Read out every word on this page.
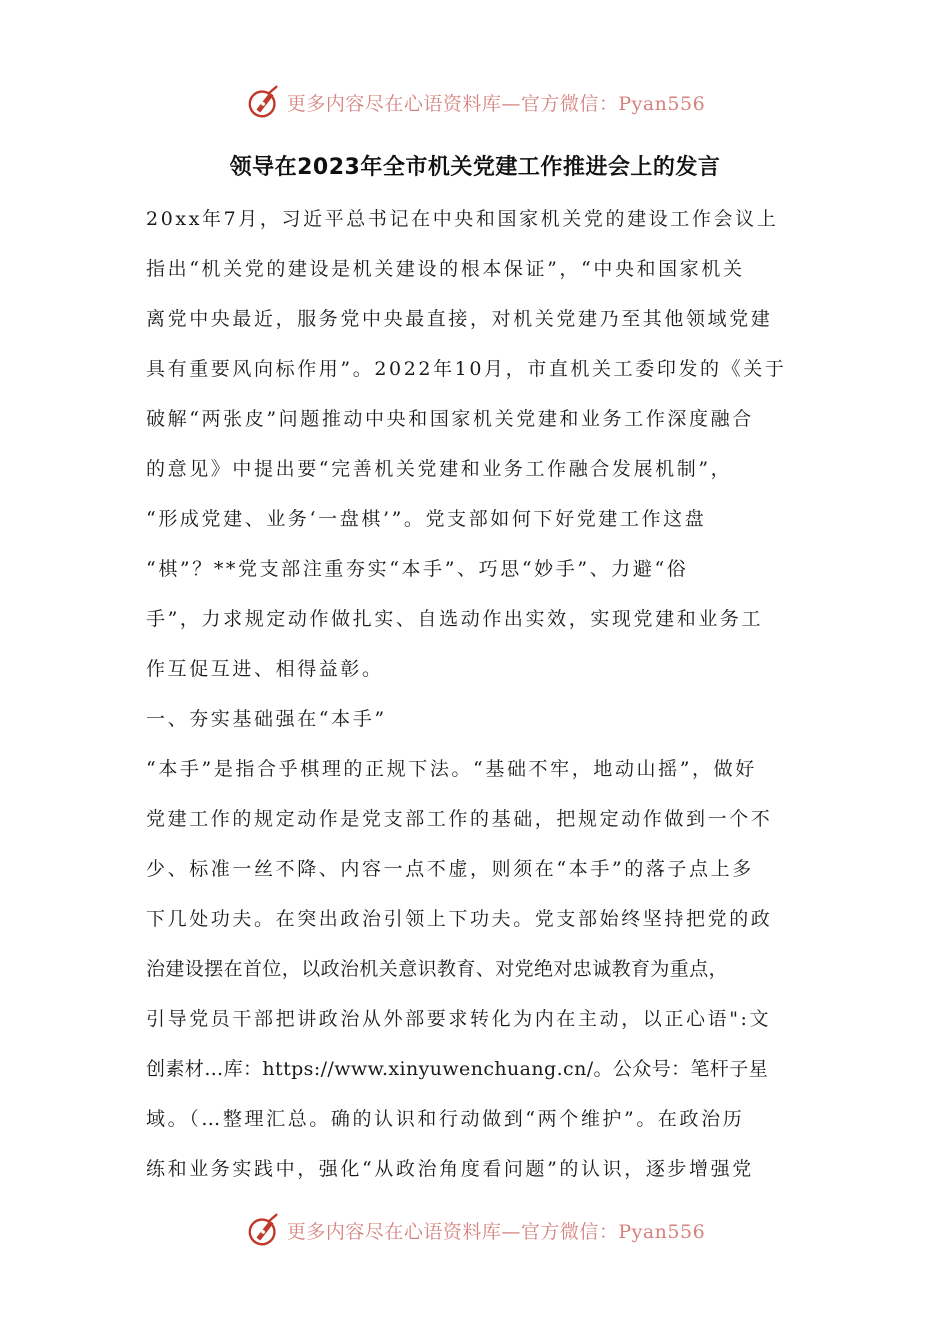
更多内容尽在心语资料库—官方微信：Pyan556
领导在2023年全市机关党建工作推进会上的发言
20xx年7月，习近平总书记在中央和国家机关党的建设工作会议上
指出“机关党的建设是机关建设的根本保证”，“中央和国家机关
离党中央最近，服务党中央最直接，对机关党建乃至其他领域党建
具有重要风向标作用”。2022年10月，市直机关工委印发的《关于
破解“两张皮”问题推动中央和国家机关党建和业务工作深度融合
的意见》中提出要“完善机关党建和业务工作融合发展机制”，
“形成党建、业务‘一盘棋’”。党支部如何下好党建工作这盘
“棋”？**党支部注重夯实“本手”、巧思“妙手”、力避“俗
手”，力求规定动作做扎实、自选动作出实效，实现党建和业务工
作互促互进、相得益彰。
一、夯实基础强在“本手”
“本手”是指合乎棋理的正规下法。“基础不牢，地动山摇”，做好
党建工作的规定动作是党支部工作的基础，把规定动作做到一个不
少、标准一丝不降、内容一点不虚，则须在“本手”的落子点上多
下几处功夫。在突出政治引领上下功夫。党支部始终坚持把党的政
治建设摆在首位，以政治机关意识教育、对党绝对忠诚教育为重点，
引导党员干部把讲政治从外部要求转化为内在主动，以正心语":文
创素材…库：https://www.xinyuwenchuang.cn/。公众号：笔杆子星
域。（…整理汇总。确的认识和行动做到“两个维护”。在政治历
练和业务实践中，强化“从政治角度看问题”的认识，逐步增强党
更多内容尽在心语资料库—官方微信：Pyan556
